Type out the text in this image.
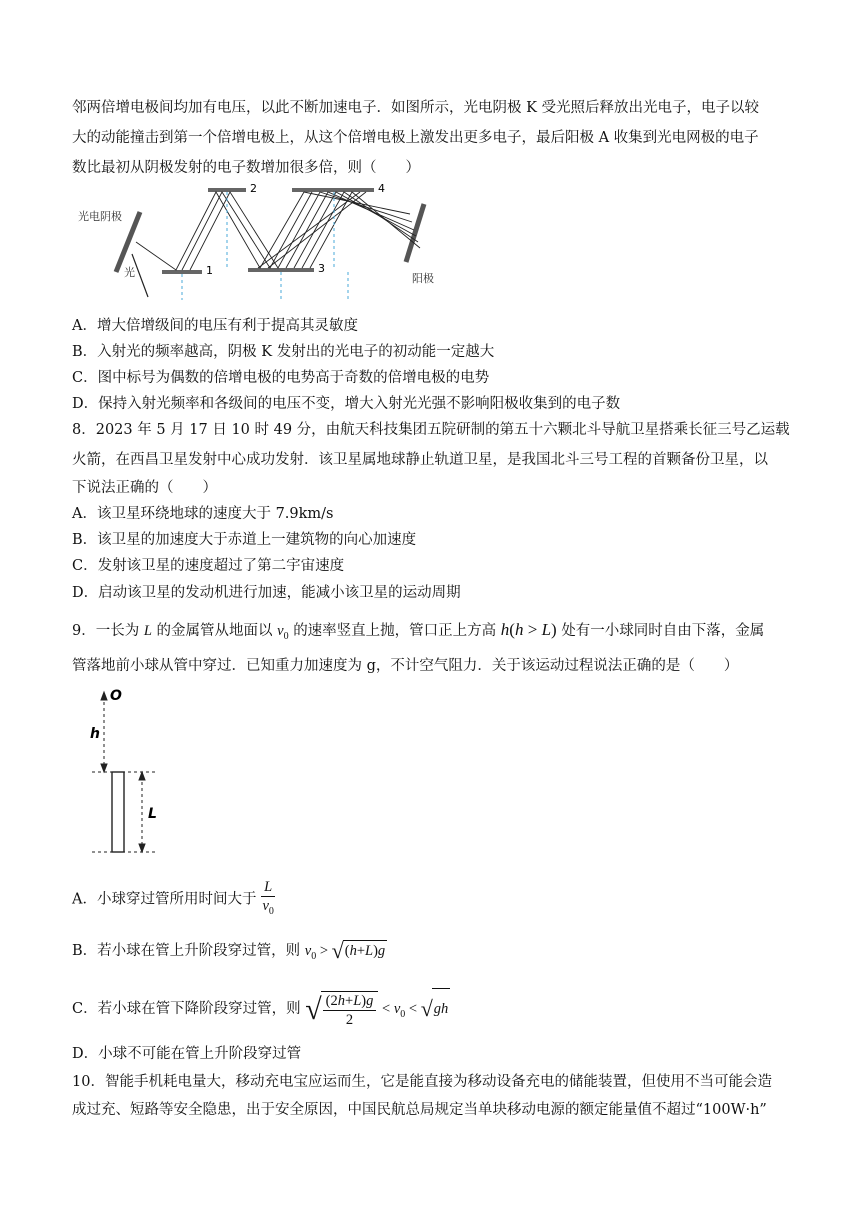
邻两倍增电极间均加有电压，以此不断加速电子．如图所示，光电阴极 K 受光照后释放出光电子，电子以较
大的动能撞击到第一个倍增电极上，从这个倍增电极上激发出更多电子，最后阳极 A 收集到光电网极的电子
数比最初从阴极发射的电子数增加很多倍，则（　　）
光电阴极
光	1
2
3
4
阳极
A．增大倍增级间的电压有利于提高其灵敏度
B．入射光的频率越高，阴极 K 发射出的光电子的初动能一定越大
C．图中标号为偶数的倍增电极的电势高于奇数的倍增电极的电势
D．保持入射光频率和各级间的电压不变，增大入射光光强不影响阳极收集到的电子数
8．2023 年 5 月 17 日 10 时 49 分，由航天科技集团五院研制的第五十六颗北斗导航卫星搭乘长征三号乙运载
火箭，在西昌卫星发射中心成功发射．该卫星属地球静止轨道卫星，是我国北斗三号工程的首颗备份卫星，以
下说法正确的（　　）
A．该卫星环绕地球的速度大于 7.9km/s
B．该卫星的加速度大于赤道上一建筑物的向心加速度
C．发射该卫星的速度超过了第二宇宙速度
D．启动该卫星的发动机进行加速，能减小该卫星的运动周期
9．一长为 L 的金属管从地面以 $v_0$ 的速率竖直上抛，管口正上方高 h(h > L) 处有一小球同时自由下落，金属
管落地前小球从管中穿过．已知重力加速度为 g，不计空气阻力．关于该运动过程说法正确的是（　　）
O
h
L
A．小球穿过管所用时间大于 $\frac{L}{v_0}$
B．若小球在管上升阶段穿过管，则 $v_0 > √(h+L)g$
C．若小球在管下降阶段穿过管，则 √ $\frac{(2h+L)g}{2} < v_0 < √gh$
D．小球不可能在管上升阶段穿过管
10．智能手机耗电量大，移动充电宝应运而生，它是能直接为移动设备充电的储能装置，但使用不当可能会造
成过充、短路等安全隐患，出于安全原因，中国民航总局规定当单块移动电源的额定能量值不超过“100W·h”
